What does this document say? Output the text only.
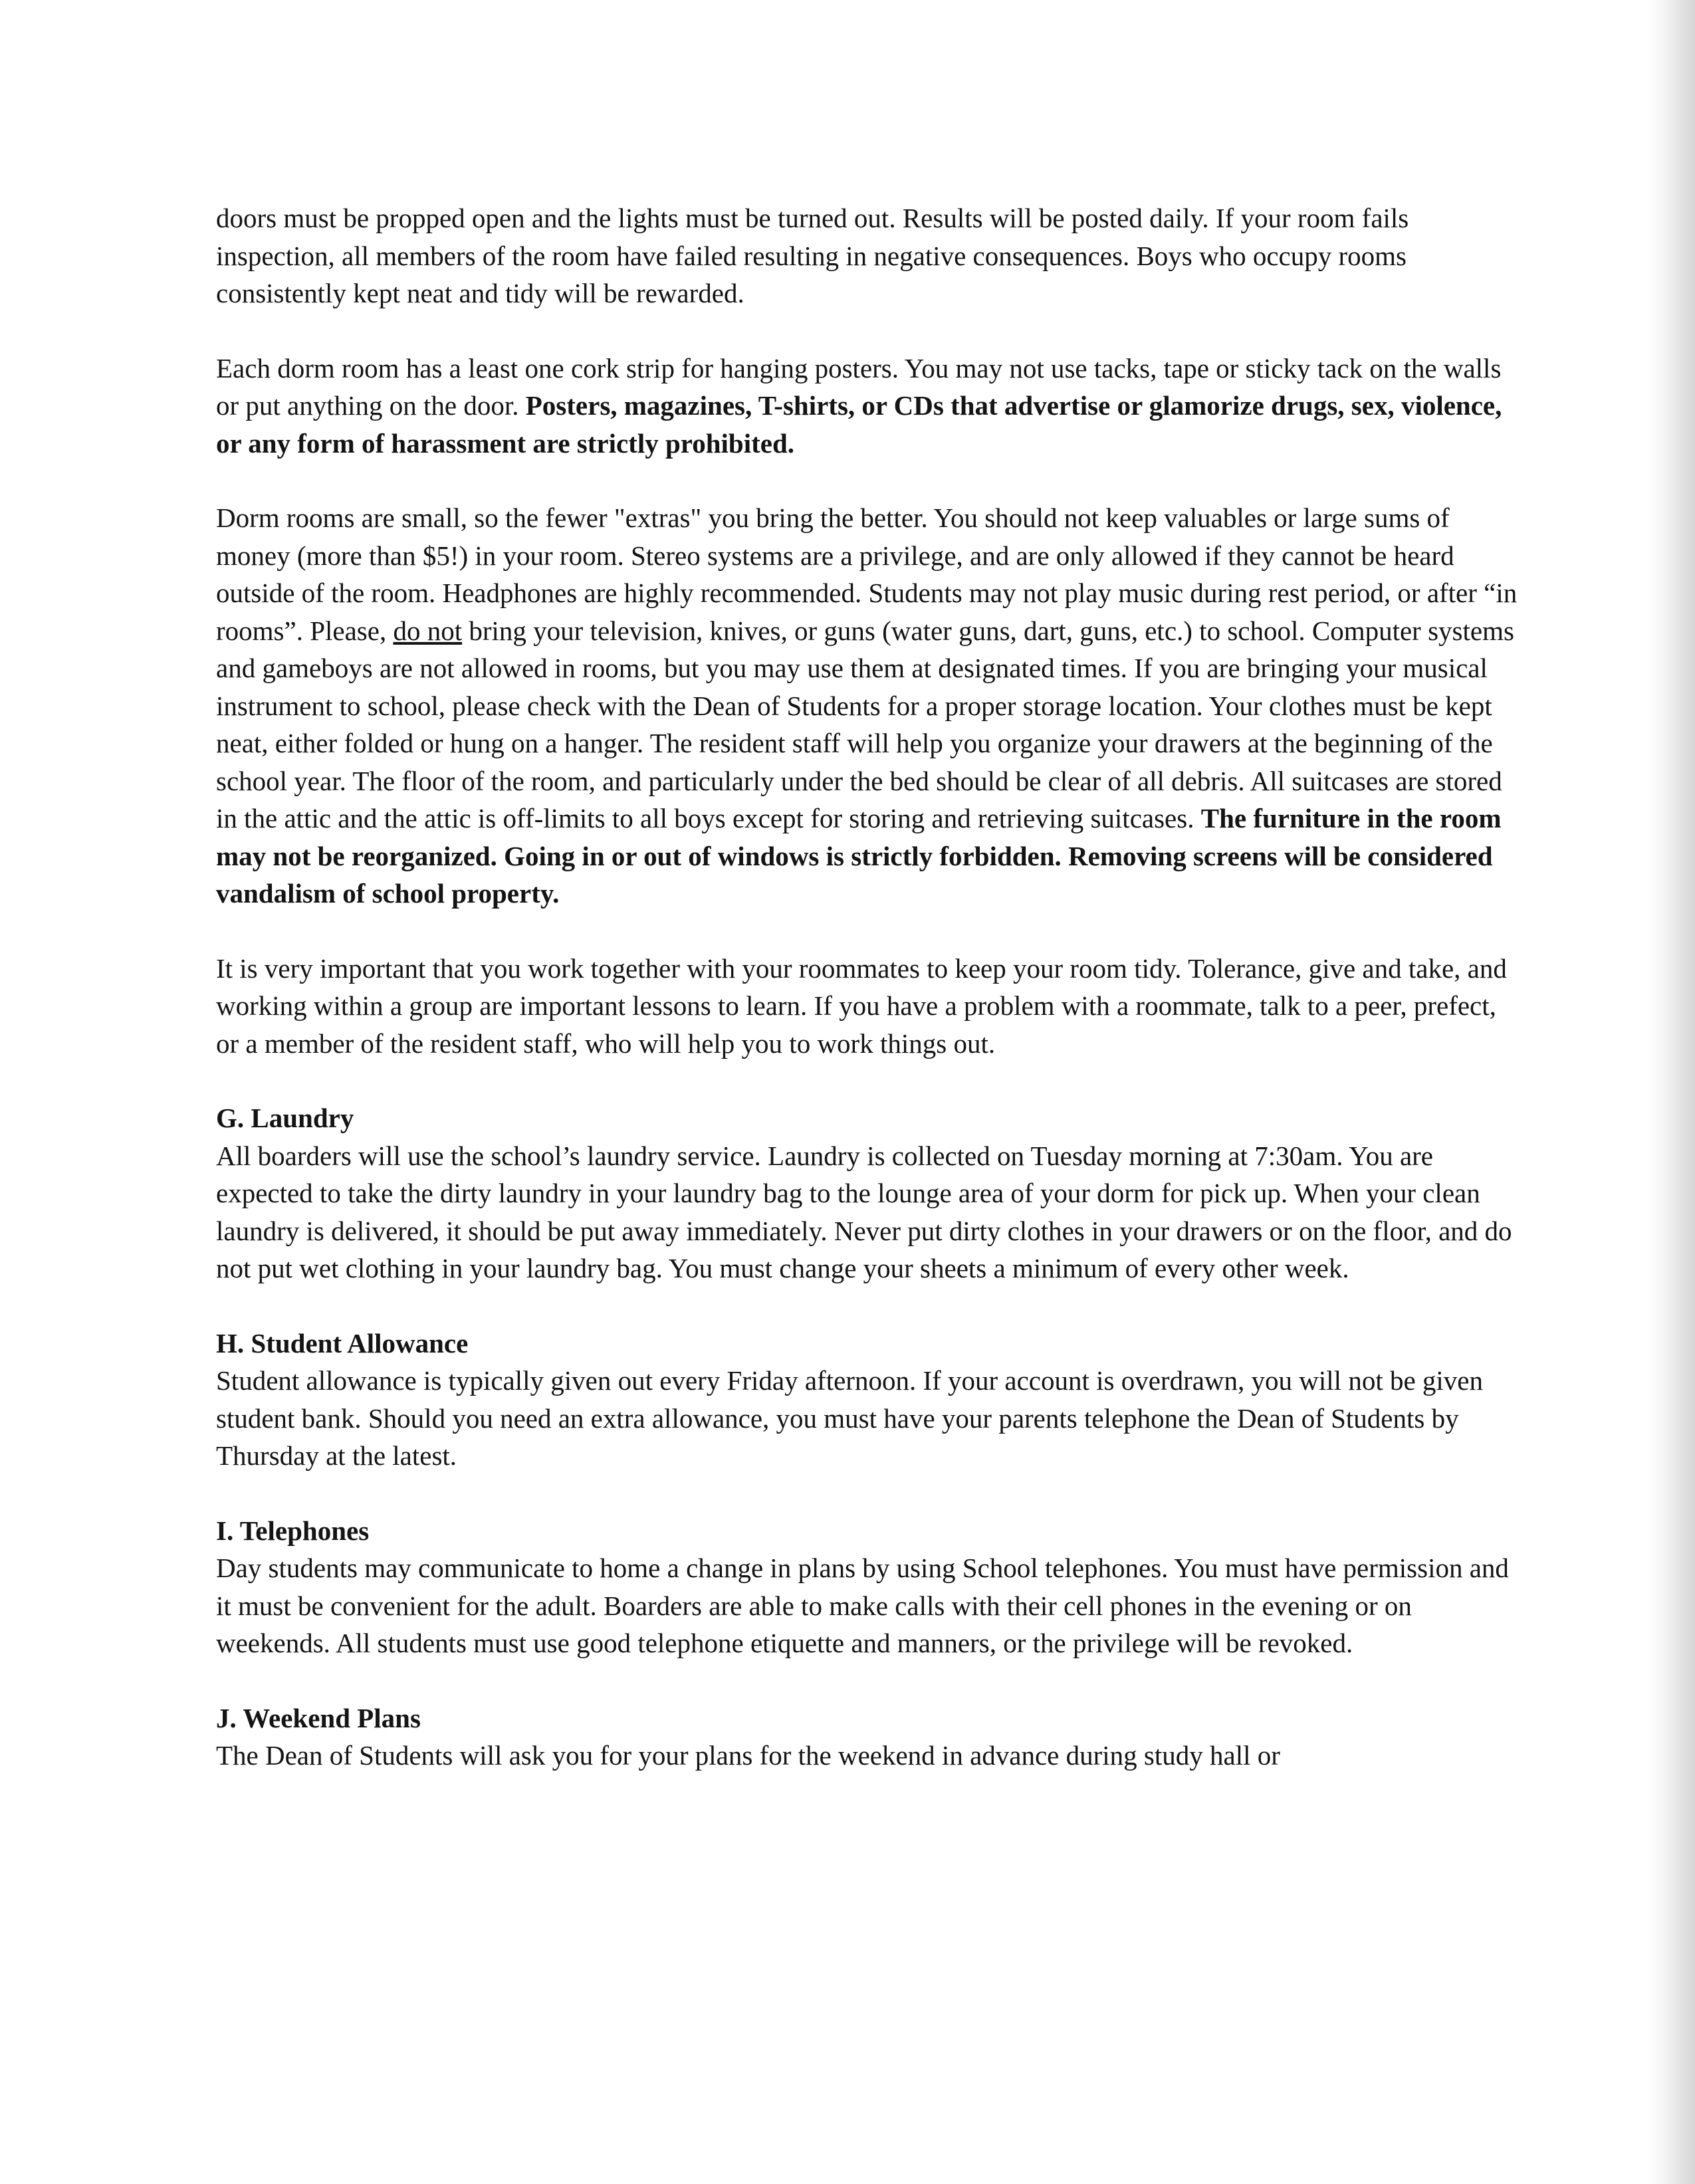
doors must be propped open and the lights must be turned out. Results will be posted daily. If your room fails inspection, all members of the room have failed resulting in negative consequences. Boys who occupy rooms consistently kept neat and tidy will be rewarded.

Each dorm room has a least one cork strip for hanging posters. You may not use tacks, tape or sticky tack on the walls or put anything on the door. Posters, magazines, T-shirts, or CDs that advertise or glamorize drugs, sex, violence, or any form of harassment are strictly prohibited.

Dorm rooms are small, so the fewer "extras" you bring the better. You should not keep valuables or large sums of money (more than $5!) in your room. Stereo systems are a privilege, and are only allowed if they cannot be heard outside of the room. Headphones are highly recommended. Students may not play music during rest period, or after “in rooms”. Please, do not bring your television, knives, or guns (water guns, dart, guns, etc.) to school. Computer systems and gameboys are not allowed in rooms, but you may use them at designated times. If you are bringing your musical instrument to school, please check with the Dean of Students for a proper storage location. Your clothes must be kept neat, either folded or hung on a hanger. The resident staff will help you organize your drawers at the beginning of the school year. The floor of the room, and particularly under the bed should be clear of all debris. All suitcases are stored in the attic and the attic is off-limits to all boys except for storing and retrieving suitcases. The furniture in the room may not be reorganized. Going in or out of windows is strictly forbidden. Removing screens will be considered vandalism of school property.

It is very important that you work together with your roommates to keep your room tidy. Tolerance, give and take, and working within a group are important lessons to learn. If you have a problem with a roommate, talk to a peer, prefect, or a member of the resident staff, who will help you to work things out.

G. Laundry

All boarders will use the school’s laundry service. Laundry is collected on Tuesday morning at 7:30am. You are expected to take the dirty laundry in your laundry bag to the lounge area of your dorm for pick up. When your clean laundry is delivered, it should be put away immediately. Never put dirty clothes in your drawers or on the floor, and do not put wet clothing in your laundry bag. You must change your sheets a minimum of every other week.

H. Student Allowance

Student allowance is typically given out every Friday afternoon. If your account is overdrawn, you will not be given student bank. Should you need an extra allowance, you must have your parents telephone the Dean of Students by Thursday at the latest.

I. Telephones

Day students may communicate to home a change in plans by using School telephones. You must have permission and it must be convenient for the adult. Boarders are able to make calls with their cell phones in the evening or on weekends. All students must use good telephone etiquette and manners, or the privilege will be revoked.

J. Weekend Plans

The Dean of Students will ask you for your plans for the weekend in advance during study hall or
